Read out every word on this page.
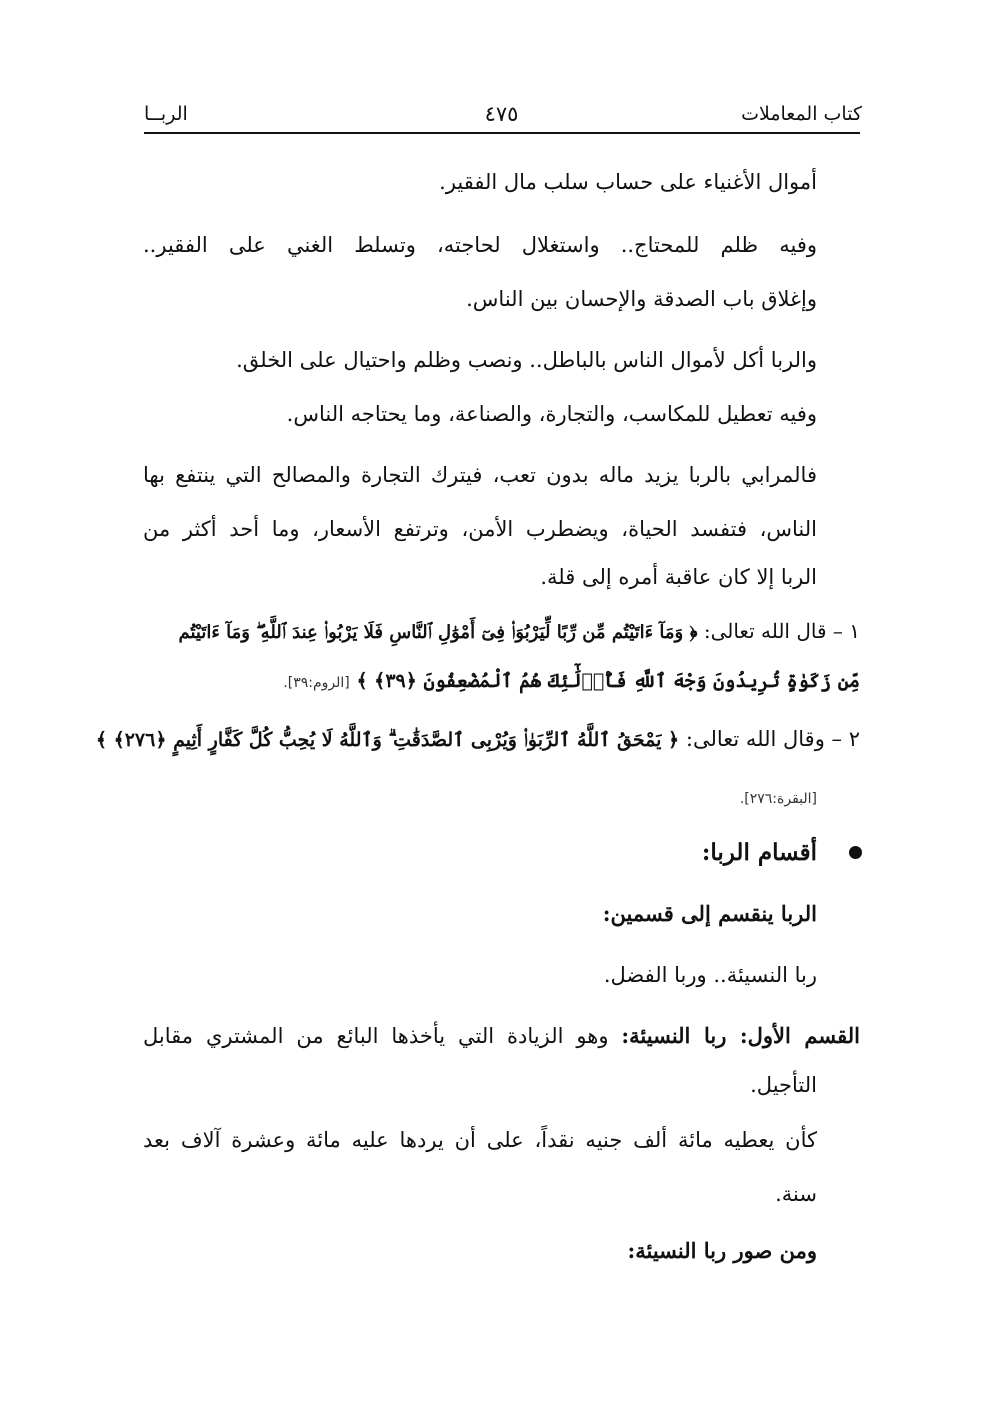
كتاب المعاملات
٤٧٥
الربــا
أموال الأغنياء على حساب سلب مال الفقير.
وفيه ظلم للمحتاج.. واستغلال لحاجته، وتسلط الغني على الفقير..
وإغلاق باب الصدقة والإحسان بين الناس.
والربا أكل لأموال الناس بالباطل.. ونصب وظلم واحتيال على الخلق.
وفيه تعطيل للمكاسب، والتجارة، والصناعة، وما يحتاجه الناس.
فالمرابي بالربا يزيد ماله بدون تعب، فيترك التجارة والمصالح التي ينتفع بها
الناس، فتفسد الحياة، ويضطرب الأمن، وترتفع الأسعار، وما أحد أكثر من
الربا إلا كان عاقبة أمره إلى قلة.
١ – قال الله تعالى: ﴿ وَمَآ ءَاتَيْتُم مِّن رِّبًا لِّيَرْبُوَا۟ فِىٓ أَمْوَٰلِ ٱلنَّاسِ فَلَا يَرْبُوا۟ عِندَ ٱللَّهِ ۖ وَمَآ ءَاتَيْتُم
مِّن زَكَوٰةٍ تُرِيدُونَ وَجْهَ ٱللَّهِ فَأُو۟لَٰٓئِكَ هُمُ ٱلْمُضْعِفُونَ ﴿٣٩﴾ ﴾ [الروم:٣٩].
٢ – وقال الله تعالى: ﴿ يَمْحَقُ ٱللَّهُ ٱلرِّبَوٰا۟ وَيُرْبِى ٱلصَّدَقَٰتِ ۗ وَٱللَّهُ لَا يُحِبُّ كُلَّ كَفَّارٍ أَثِيمٍ ﴿٢٧٦﴾ ﴾
[البقرة:٢٧٦].
أقسام الربا:
الربا ينقسم إلى قسمين:
ربا النسيئة.. وربا الفضل.
القسم الأول: ربا النسيئة: وهو الزيادة التي يأخذها البائع من المشتري مقابل
التأجيل.
كأن يعطيه مائة ألف جنيه نقداً، على أن يردها عليه مائة وعشرة آلاف بعد
سنة.
ومن صور ربا النسيئة:
